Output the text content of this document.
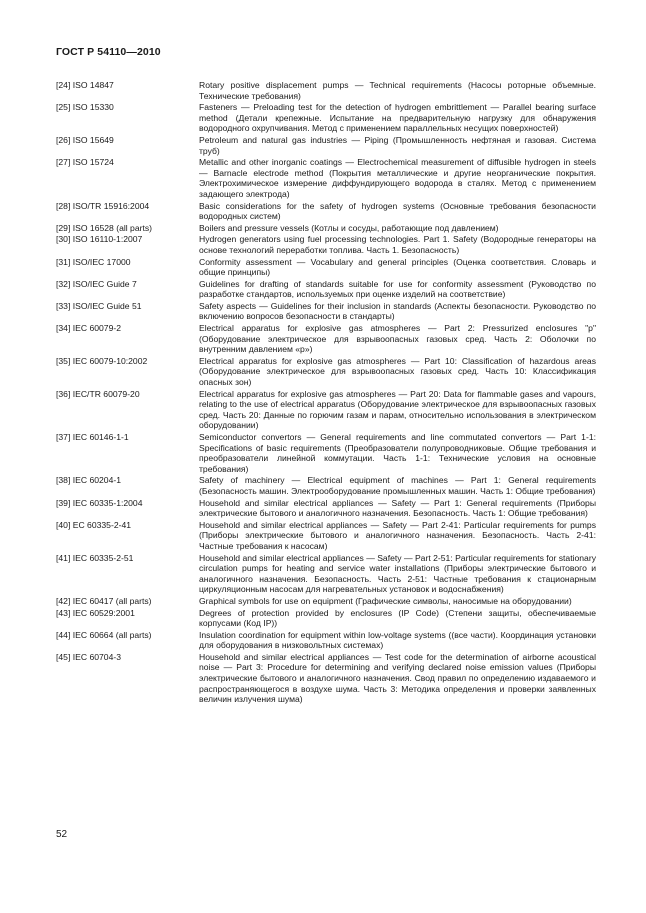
ГОСТ Р 54110—2010
[24] ISO 14847	Rotary positive displacement pumps — Technical requirements (Насосы роторные объемные. Технические требования)
[25] ISO 15330	Fasteners — Preloading test for the detection of hydrogen embrittlement — Parallel bearing surface method (Детали крепежные. Испытание на предварительную нагрузку для обнаружения водородного охрупчивания. Метод с применением параллельных несущих поверхностей)
[26] ISO 15649	Petroleum and natural gas industries — Piping (Промышленность нефтяная и газовая. Система труб)
[27] ISO 15724	Metallic and other inorganic coatings — Electrochemical measurement of diffusible hydrogen in steels — Barnacle electrode method (Покрытия металлические и другие неорганические покрытия. Электрохимическое измерение диффундирующего водорода в сталях. Метод с применением задающего электрода)
[28] ISO/TR 15916:2004	Basic considerations for the safety of hydrogen systems (Основные требования безопасности водородных систем)
[29] ISO 16528 (all parts)	Boilers and pressure vessels (Котлы и сосуды, работающие под давлением)
[30] ISO 16110-1:2007	Hydrogen generators using fuel processing technologies. Part 1. Safety (Водородные генераторы на основе технологий переработки топлива. Часть 1. Безопасность)
[31] ISO/IEC 17000	Conformity assessment — Vocabulary and general principles (Оценка соответствия. Словарь и общие принципы)
[32] ISO/IEC Guide 7	Guidelines for drafting of standards suitable for use for conformity assessment (Руководство по разработке стандартов, используемых при оценке изделий на соответствие)
[33] ISO/IEC Guide 51	Safety aspects — Guidelines for their inclusion in standards (Аспекты безопасности. Руководство по включению вопросов безопасности в стандарты)
[34] IEC 60079-2	Electrical apparatus for explosive gas atmospheres — Part 2: Pressurized enclosures "p" (Оборудование электрическое для взрывоопасных газовых сред. Часть 2: Оболочки по внутренним давлением «р»)
[35] IEC 60079-10:2002	Electrical apparatus for explosive gas atmospheres — Part 10: Classification of hazardous areas (Оборудование электрическое для взрывоопасных газовых сред. Часть 10: Классификация опасных зон)
[36] IEC/TR 60079-20	Electrical apparatus for explosive gas atmospheres — Part 20: Data for flammable gases and vapours, relating to the use of electrical apparatus (Оборудование электрическое для взрывоопасных газовых сред. Часть 20: Данные по горючим газам и парам, относительно использования в электрическом оборудовании)
[37] IEC 60146-1-1	Semiconductor convertors — General requirements and line commutated convertors — Part 1-1: Specifications of basic requirements (Преобразователи полупроводниковые. Общие требования и преобразователи линейной коммутации. Часть 1-1: Технические условия на основные требования)
[38] IEC 60204-1	Safety of machinery — Electrical equipment of machines — Part 1: General requirements (Безопасность машин. Электрооборудование промышленных машин. Часть 1: Общие требования)
[39] IEC 60335-1:2004	Household and similar electrical appliances — Safety — Part 1: General requirements (Приборы электрические бытового и аналогичного назначения. Безопасность. Часть 1: Общие требования)
[40] EC 60335-2-41	Household and similar electrical appliances — Safety — Part 2-41: Particular requirements for pumps (Приборы электрические бытового и аналогичного назначения. Безопасность. Часть 2-41: Частные требования к насосам)
[41] IEC 60335-2-51	Household and similar electrical appliances — Safety — Part 2-51: Particular requirements for stationary circulation pumps for heating and service water installations (Приборы электрические бытового и аналогичного назначения. Безопасность. Часть 2-51: Частные требования к стационарным циркуляционным насосам для нагревательных установок и водоснабжения)
[42] IEC 60417 (all parts)	Graphical symbols for use on equipment (Графические символы, наносимые на оборудовании)
[43] IEC 60529:2001	Degrees of protection provided by enclosures (IP Code) (Степени защиты, обеспечиваемые корпусами (Код IP))
[44] IEC 60664 (all parts)	Insulation coordination for equipment within low-voltage systems ((все части). Координация установки для оборудования в низковольтных системах)
[45] IEC 60704-3	Household and similar electrical appliances — Test code for the determination of airborne acoustical noise — Part 3: Procedure for determining and verifying declared noise emission values (Приборы электрические бытового и аналогичного назначения. Свод правил по определению издаваемого и распространяющегося в воздухе шума. Часть 3: Методика определения и проверки заявленных величин излучения шума)
52
